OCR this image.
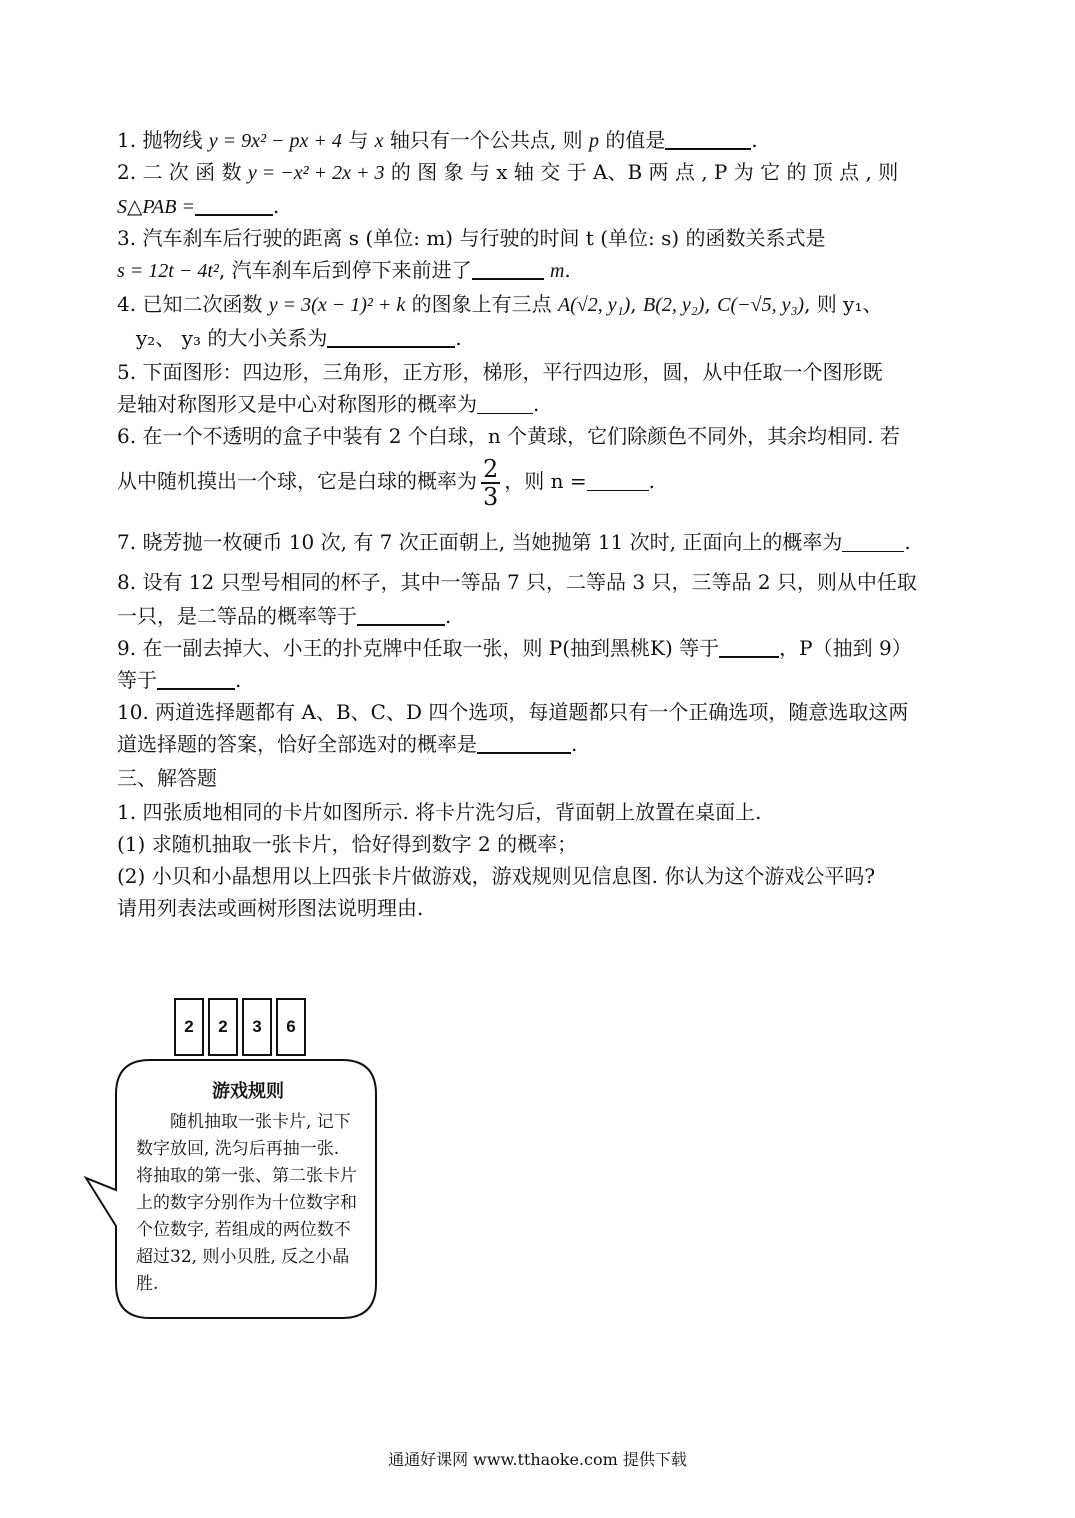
1. 抛物线 y = 9x² − px + 4 与 x 轴只有一个公共点, 则 p 的值是	.
2. 二 次 函 数 y = −x² + 2x + 3 的 图 象 与 x 轴 交 于 A、B 两 点 , P 为 它 的 顶 点 , 则
S△PAB =	.
3. 汽车刹车后行驶的距离 s (单位: m) 与行驶的时间 t (单位: s) 的函数关系式是
s = 12t − 4t², 汽车刹车后到停下来前进了	m.
4. 已知二次函数 y = 3(x − 1)² + k 的图象上有三点 A(√2, y₁), B(2, y₂), C(−√5, y₃), 则 y₁、
y₂、 y₃ 的大小关系为	.
5. 下面图形：四边形，三角形，正方形，梯形，平行四边形，圆，从中任取一个图形既
是轴对称图形又是中心对称图形的概率为	.
6. 在一个不透明的盒子中装有 2 个白球，n 个黄球，它们除颜色不同外，其余均相同. 若
从中随机摸出一个球，它是白球的概率为 $\frac{2}{3}$ ，则 n =	.
7. 晓芳抛一枚硬币 10 次, 有 7 次正面朝上, 当她抛第 11 次时, 正面向上的概率为	.
8. 设有 12 只型号相同的杯子，其中一等品 7 只，二等品 3 只，三等品 2 只，则从中任取
一只，是二等品的概率等于	.
9. 在一副去掉大、小王的扑克牌中任取一张，则 P(抽到黑桃K) 等于	，P（抽到 9）
等于	.
10. 两道选择题都有 A、B、C、D 四个选项，每道题都只有一个正确选项，随意选取这两
道选择题的答案，恰好全部选对的概率是	.
三、解答题
1. 四张质地相同的卡片如图所示. 将卡片洗匀后，背面朝上放置在桌面上.
(1) 求随机抽取一张卡片，恰好得到数字 2 的概率；
(2) 小贝和小晶想用以上四张卡片做游戏，游戏规则见信息图. 你认为这个游戏公平吗?
请用列表法或画树形图法说明理由.
2	2	3	6
游戏规则
随机抽取一张卡片, 记下数字放回, 洗匀后再抽一张. 将抽取的第一张、第二张卡片上的数字分别作为十位数字和个位数字, 若组成的两位数不超过32, 则小贝胜, 反之小晶胜.
通通好课网 www.tthaoke.com 提供下载
